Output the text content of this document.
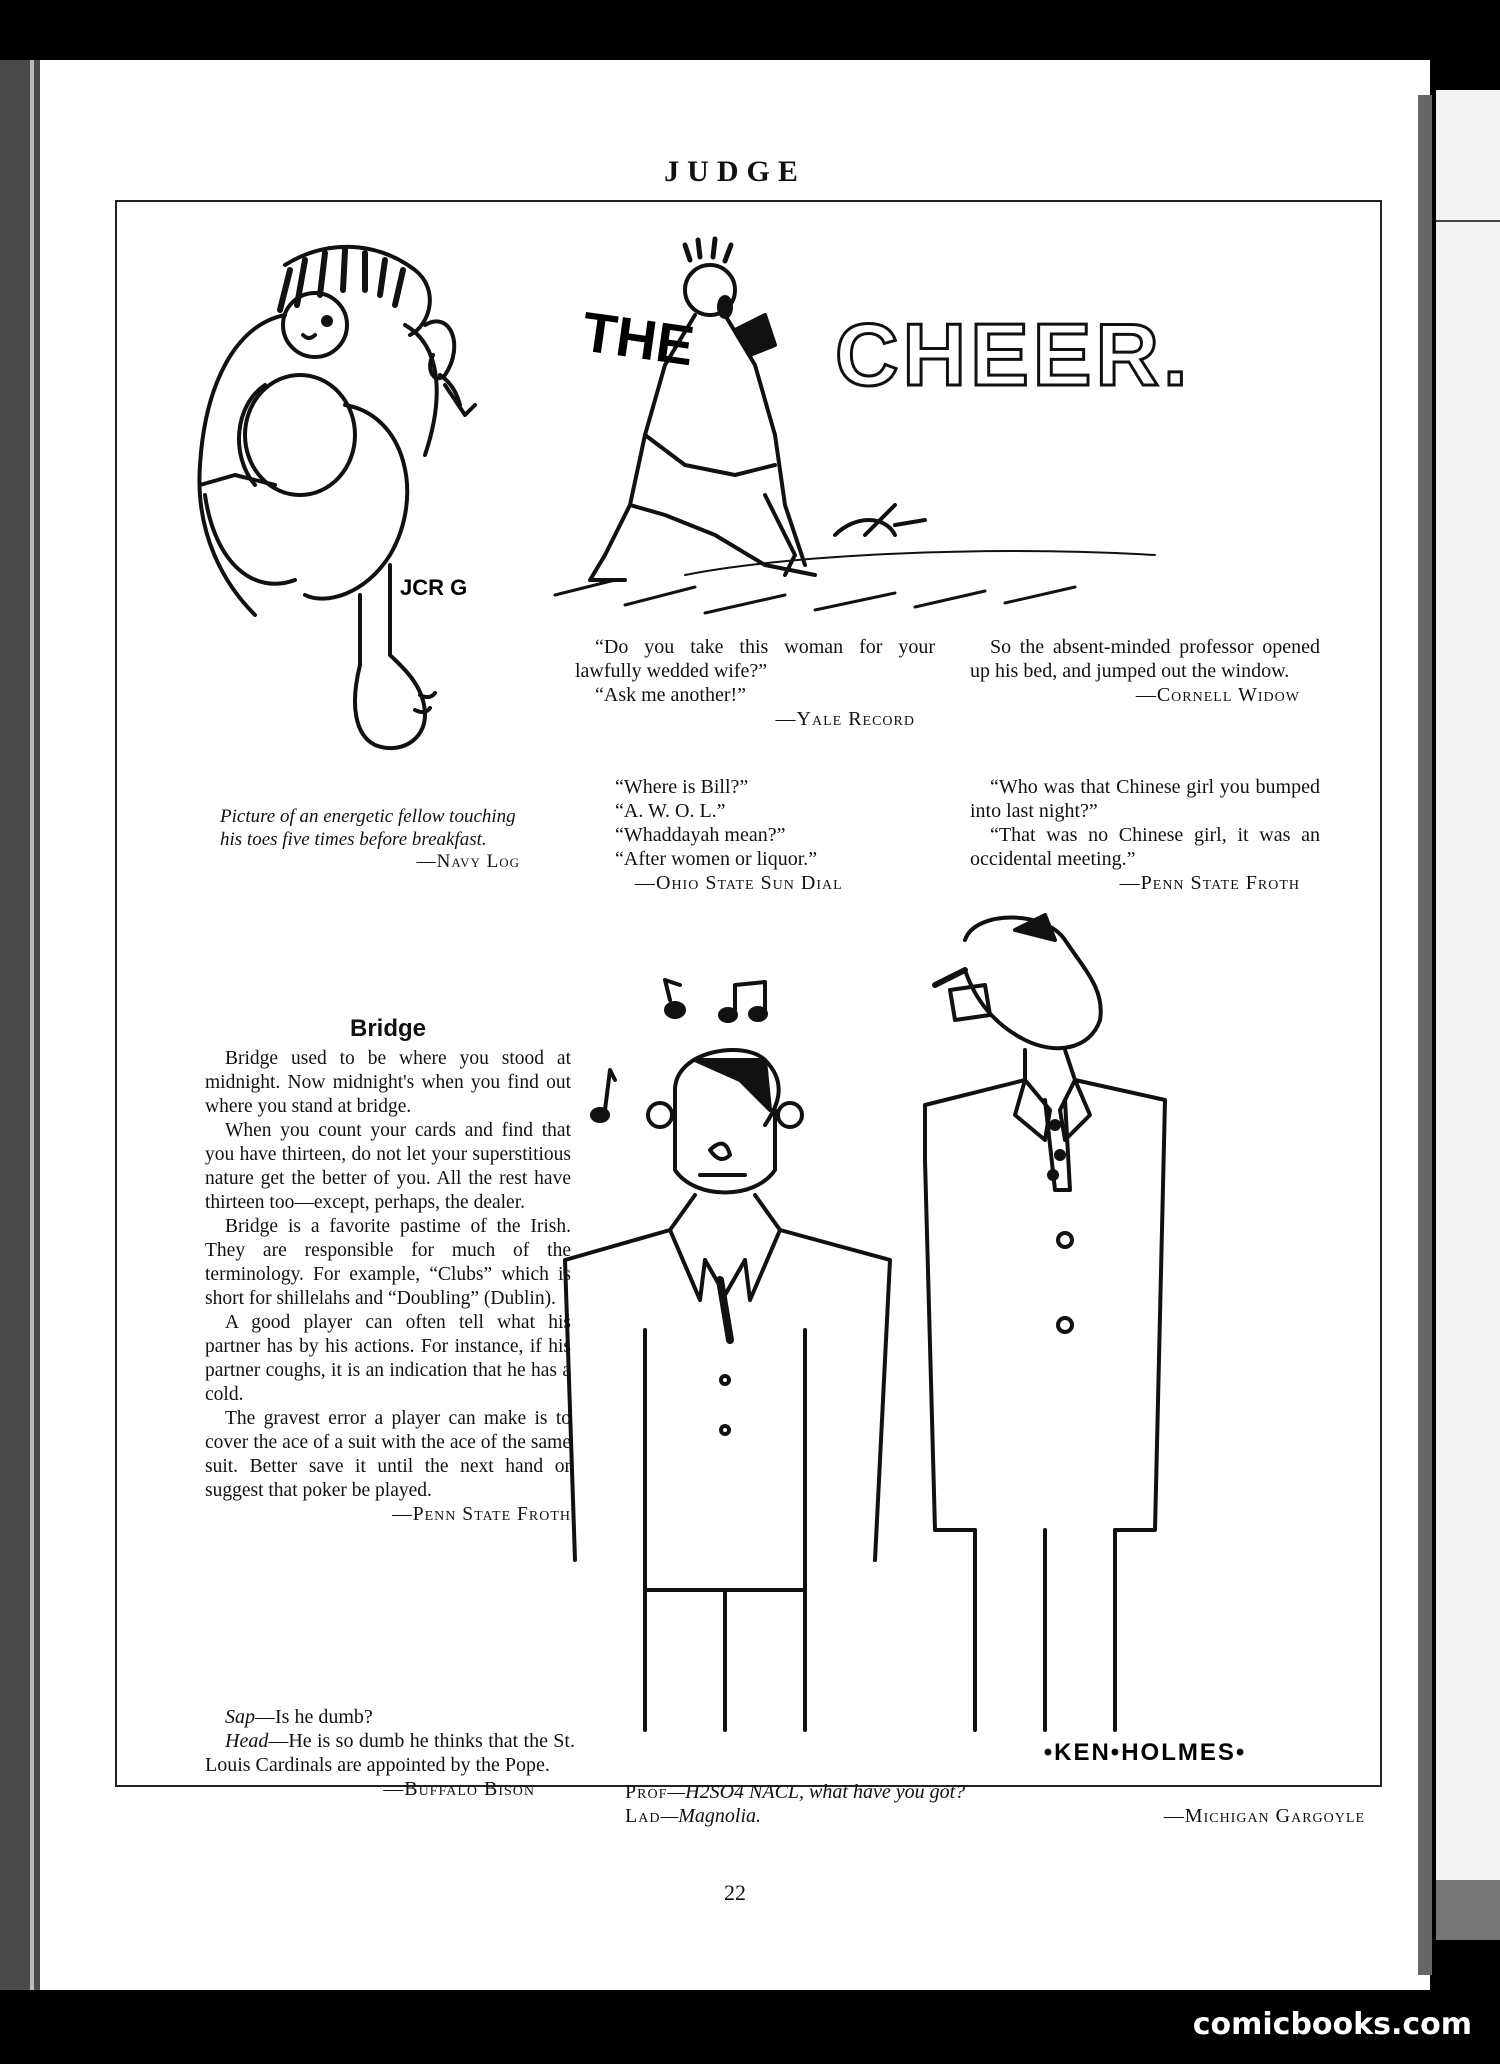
JUDGE
JCR G
Picture of an energetic fellow touching his toes five times before breakfast.
—Navy Log
THE CHEER.

“Do you take this woman for your lawfully wedded wife?”

“Ask me another!”

—Yale Record

So the absent-minded professor opened up his bed, and jumped out the window.

—Cornell Widow

“Where is Bill?”

“A. W. O. L.”

“Whaddayah mean?”

“After women or liquor.”

—Ohio State Sun Dial

“Who was that Chinese girl you bumped into last night?”

“That was no Chinese girl, it was an occidental meeting.”

—Penn State Froth
Bridge

Bridge used to be where you stood at midnight. Now midnight's when you find out where you stand at bridge.

When you count your cards and find that you have thirteen, do not let your superstitious nature get the better of you. All the rest have thirteen too—except, perhaps, the dealer.

Bridge is a favorite pastime of the Irish. They are responsible for much of the terminology. For example, “Clubs” which is short for shillelahs and “Doubling” (Dublin).

A good player can often tell what his partner has by his actions. For instance, if his partner coughs, it is an indication that he has a cold.

The gravest error a player can make is to cover the ace of a suit with the ace of the same suit. Better save it until the next hand or suggest that poker be played.

—Penn State Froth

Sap—Is he dumb?

Head—He is so dumb he thinks that the St. Louis Cardinals are appointed by the Pope.

—Buffalo Bison
•KEN•HOLMES•
Prof—H2SO4 NACL, what have you got?
Lad—Magnolia.	—Michigan Gargoyle
22
comicbooks.com
